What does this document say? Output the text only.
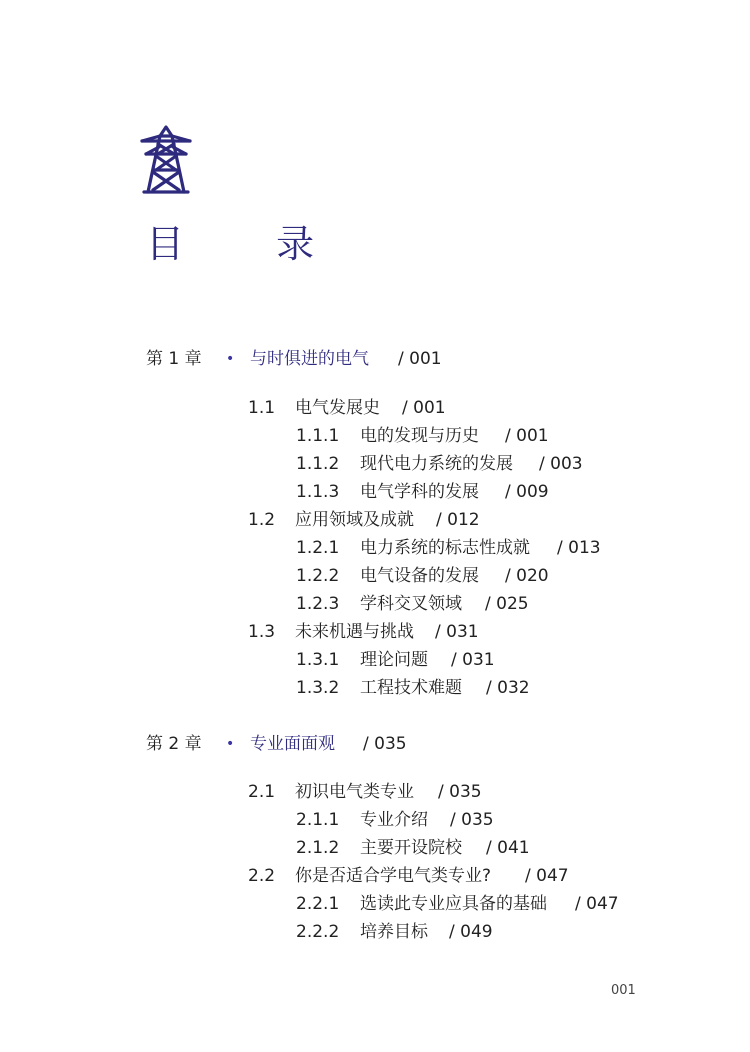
目 录
第 1 章 • 与时俱进的电气 / 001
1.1 电气发展史 / 001
1.1.1 电的发现与历史 / 001
1.1.2 现代电力系统的发展 / 003
1.1.3 电气学科的发展 / 009
1.2 应用领域及成就 / 012
1.2.1 电力系统的标志性成就 / 013
1.2.2 电气设备的发展 / 020
1.2.3 学科交叉领域 / 025
1.3 未来机遇与挑战 / 031
1.3.1 理论问题 / 031
1.3.2 工程技术难题 / 032
第 2 章 • 专业面面观 / 035
2.1 初识电气类专业 / 035
2.1.1 专业介绍 / 035
2.1.2 主要开设院校 / 041
2.2 你是否适合学电气类专业? / 047
2.2.1 选读此专业应具备的基础 / 047
2.2.2 培养目标 / 049
001
